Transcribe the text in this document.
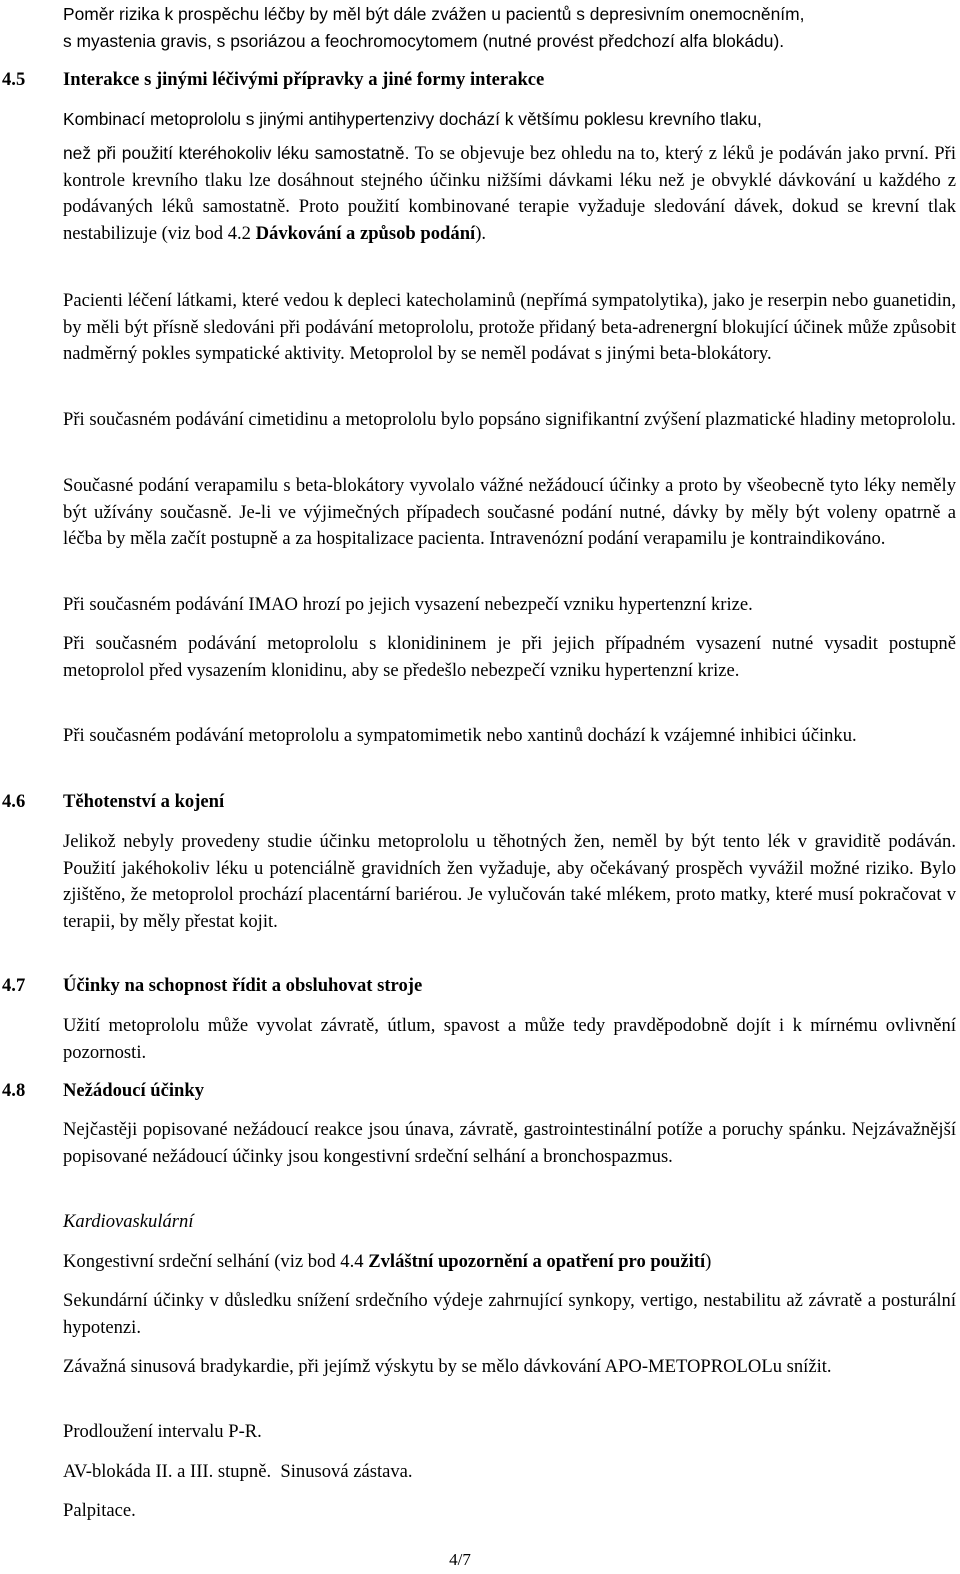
Poměr rizika k prospěchu léčby by měl být dále zvážen u pacientů s depresivním onemocněním,

s myastenia gravis, s psoriázou a feochromocytomem (nutné provést předchozí alfa blokádu).

4.5 Interakce s jinými léčivými přípravky a jiné formy interakce

Kombinací metoprololu s jinými antihypertenzivy dochází k většímu poklesu krevního tlaku,

než při použití kteréhokoliv léku samostatně. To se objevuje bez ohledu na to, který z léků je podáván jako první. Při kontrole krevního tlaku lze dosáhnout stejného účinku nižšími dávkami léku než je obvyklé dávkování u každého z podávaných léků samostatně. Proto použití kombinované terapie vyžaduje sledování dávek, dokud se krevní tlak nestabilizuje (viz bod 4.2 Dávkování a způsob podání).

Pacienti léčení látkami, které vedou k depleci katecholaminů (nepřímá sympatolytika), jako je reserpin nebo guanetidin, by měli být přísně sledováni při podávání metoprololu, protože přidaný beta-adrenergní blokující účinek může způsobit nadměrný pokles sympatické aktivity. Metoprolol by se neměl podávat s jinými beta-blokátory.

Při současném podávání cimetidinu a metoprololu bylo popsáno signifikantní zvýšení plazmatické hladiny metoprololu.

Současné podání verapamilu s beta-blokátory vyvolalo vážné nežádoucí účinky a proto by všeobecně tyto léky neměly být užívány současně. Je-li ve výjimečných případech současné podání nutné, dávky by měly být voleny opatrně a léčba by měla začít postupně a za hospitalizace pacienta. Intravenózní podání verapamilu je kontraindikováno.

Při současném podávání IMAO hrozí po jejich vysazení nebezpečí vzniku hypertenzní krize.

Při současném podávání metoprololu s klonidininem je při jejich případném vysazení nutné vysadit postupně metoprolol před vysazením klonidinu, aby se předešlo nebezpečí vzniku hypertenzní krize.

Při současném podávání metoprololu a sympatomimetik nebo xantinů dochází k vzájemné inhibici účinku.

4.6 Těhotenství a kojení

Jelikož nebyly provedeny studie účinku metoprololu u těhotných žen, neměl by být tento lék v graviditě podáván. Použití jakéhokoliv léku u potenciálně gravidních žen vyžaduje, aby očekávaný prospěch vyvážil možné riziko. Bylo zjištěno, že metoprolol prochází placentární bariérou. Je vylučován také mlékem, proto matky, které musí pokračovat v terapii, by měly přestat kojit.

4.7 Účinky na schopnost řídit a obsluhovat stroje

Užití metoprololu může vyvolat závratě, útlum, spavost a může tedy pravděpodobně dojít i k mírnému ovlivnění pozornosti.

4.8 Nežádoucí účinky

Nejčastěji popisované nežádoucí reakce jsou únava, závratě, gastrointestinální potíže a poruchy spánku. Nejzávažnější popisované nežádoucí účinky jsou kongestivní srdeční selhání a bronchospazmus.

Kardiovaskulární

Kongestivní srdeční selhání (viz bod 4.4 Zvláštní upozornění a opatření pro použití)

Sekundární účinky v důsledku snížení srdečního výdeje zahrnující synkopy, vertigo, nestabilitu až závratě a posturální hypotenzi.

Závažná sinusová bradykardie, při jejímž výskytu by se mělo dávkování APO-METOPROLOLu snížit.

Prodloužení intervalu P-R.

AV-blokáda II. a III. stupně.  Sinusová zástava.

Palpitace.

4/7
